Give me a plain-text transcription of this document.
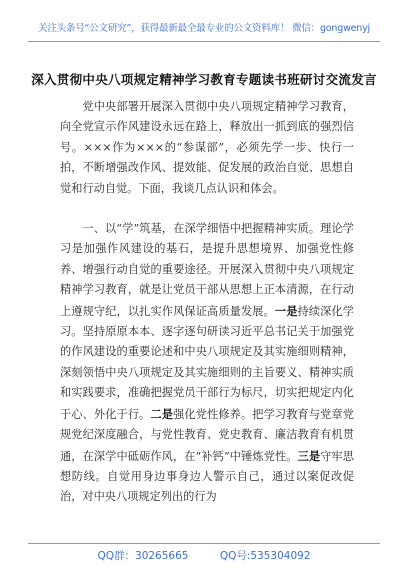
关注头条号“公文研究”，获得最新最全最专业的公文资料库！ 微信：gongwenyj
深入贯彻中央八项规定精神学习教育专题读书班研讨交流发言

党中央部署开展深入贯彻中央八项规定精神学习教育，向全党宣示作风建设永远在路上，释放出一抓到底的强烈信号。×××作为×××的“参谋部”，必须先学一步、快行一拍，不断增强改作风、提效能、促发展的政治自觉、思想自觉和行动自觉。下面，我谈几点认识和体会。

一、以“学”筑基，在深学细悟中把握精神实质。理论学习是加强作风建设的基石，是提升思想境界、加强党性修养、增强行动自觉的重要途径。开展深入贯彻中央八项规定精神学习教育，就是让党员干部从思想上正本清源，在行动上遵规守纪，以扎实作风保证高质量发展。一是持续深化学习。坚持原原本本、逐字逐句研读习近平总书记关于加强党的作风建设的重要论述和中央八项规定及其实施细则精神，深刻领悟中央八项规定及其实施细则的主旨要义、精神实质和实践要求，准确把握党员干部行为标尺，切实把规定内化于心、外化于行。二是强化党性修养。把学习教育与党章党规党纪深度融合，与党性教育、党史教育、廉洁教育有机贯通，在深学中砥砺作风，在“补钙”中锤炼党性。三是守牢思想防线。自觉用身边事身边人警示自己，通过以案促改促治，对中央八项规定列出的行为

QQ群：30265665	QQ号:535304092
